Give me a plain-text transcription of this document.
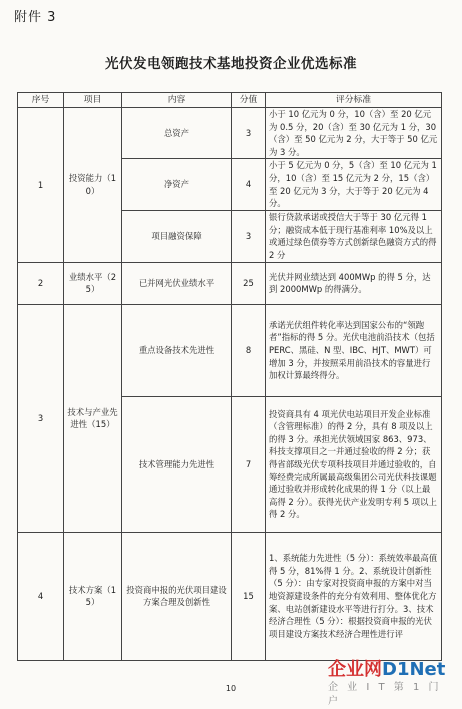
附件 3
光伏发电领跑技术基地投资企业优选标准
序号	项目	内容	分值	评分标准
1	投资能力（10）	总资产	3	小于 10 亿元为 0 分，10（含）至 20 亿元为 0.5 分，20（含）至 30 亿元为 1 分，30（含）至 50 亿元为 2 分，大于等于 50 亿元为 3 分。
		净资产	4	小于 5 亿元为 0 分，5（含）至 10 亿元为 1 分，10（含）至 15 亿元为 2 分，15（含）至 20 亿元为 3 分，大于等于 20 亿元为 4 分。
		项目融资保障	3	银行贷款承诺或授信大于等于 30 亿元得 1 分；融资成本低于现行基准利率 10%及以上或通过绿色债券等方式创新绿色融资方式的得 2 分
2	业绩水平（25）	已并网光伏业绩水平	25	光伏并网业绩达到 400MWp 的得 5 分，达到 2000MWp 的得满分。
3	技术与产业先进性（15）	重点设备技术先进性	8	承诺光伏组件转化率达到国家公布的“领跑者”指标的得 5 分。光伏电池前沿技术（包括 PERC、黑硅、N 型、IBC、HJT、MWT）可增加 3 分，并按照采用前沿技术的容量进行加权计算最终得分。
		技术管理能力先进性	7	投资商具有 4 项光伏电站项目开发企业标准（含管理标准）的得 2 分，具有 8 项及以上的得 3 分。承担光伏领域国家 863、973、科技支撑项目之一并通过验收的得 2 分；获得省部级光伏专项科技项目并通过验收的，自筹经费完成所属最高级集团公司光伏科技课题通过验收并形成转化成果的得 1 分（以上最高得 2 分）。获得光伏产业发明专利 5 项以上得 2 分。
4	技术方案（15）	投资商申报的光伏项目建设方案合理及创新性	15	1、系统能力先进性（5 分）：系统效率最高值得 5 分，81%得 1 分。2、系统设计创新性（5 分）：由专家对投资商申报的方案中对当地资源建设条件的充分有效利用、整体优化方案、电站创新建设水平等进行打分。3、技术经济合理性（5 分）：根据投资商申报的光伏项目建设方案技术经济合理性进行评
10
企业网D1Net
企 业 I T 第 1 门 户
